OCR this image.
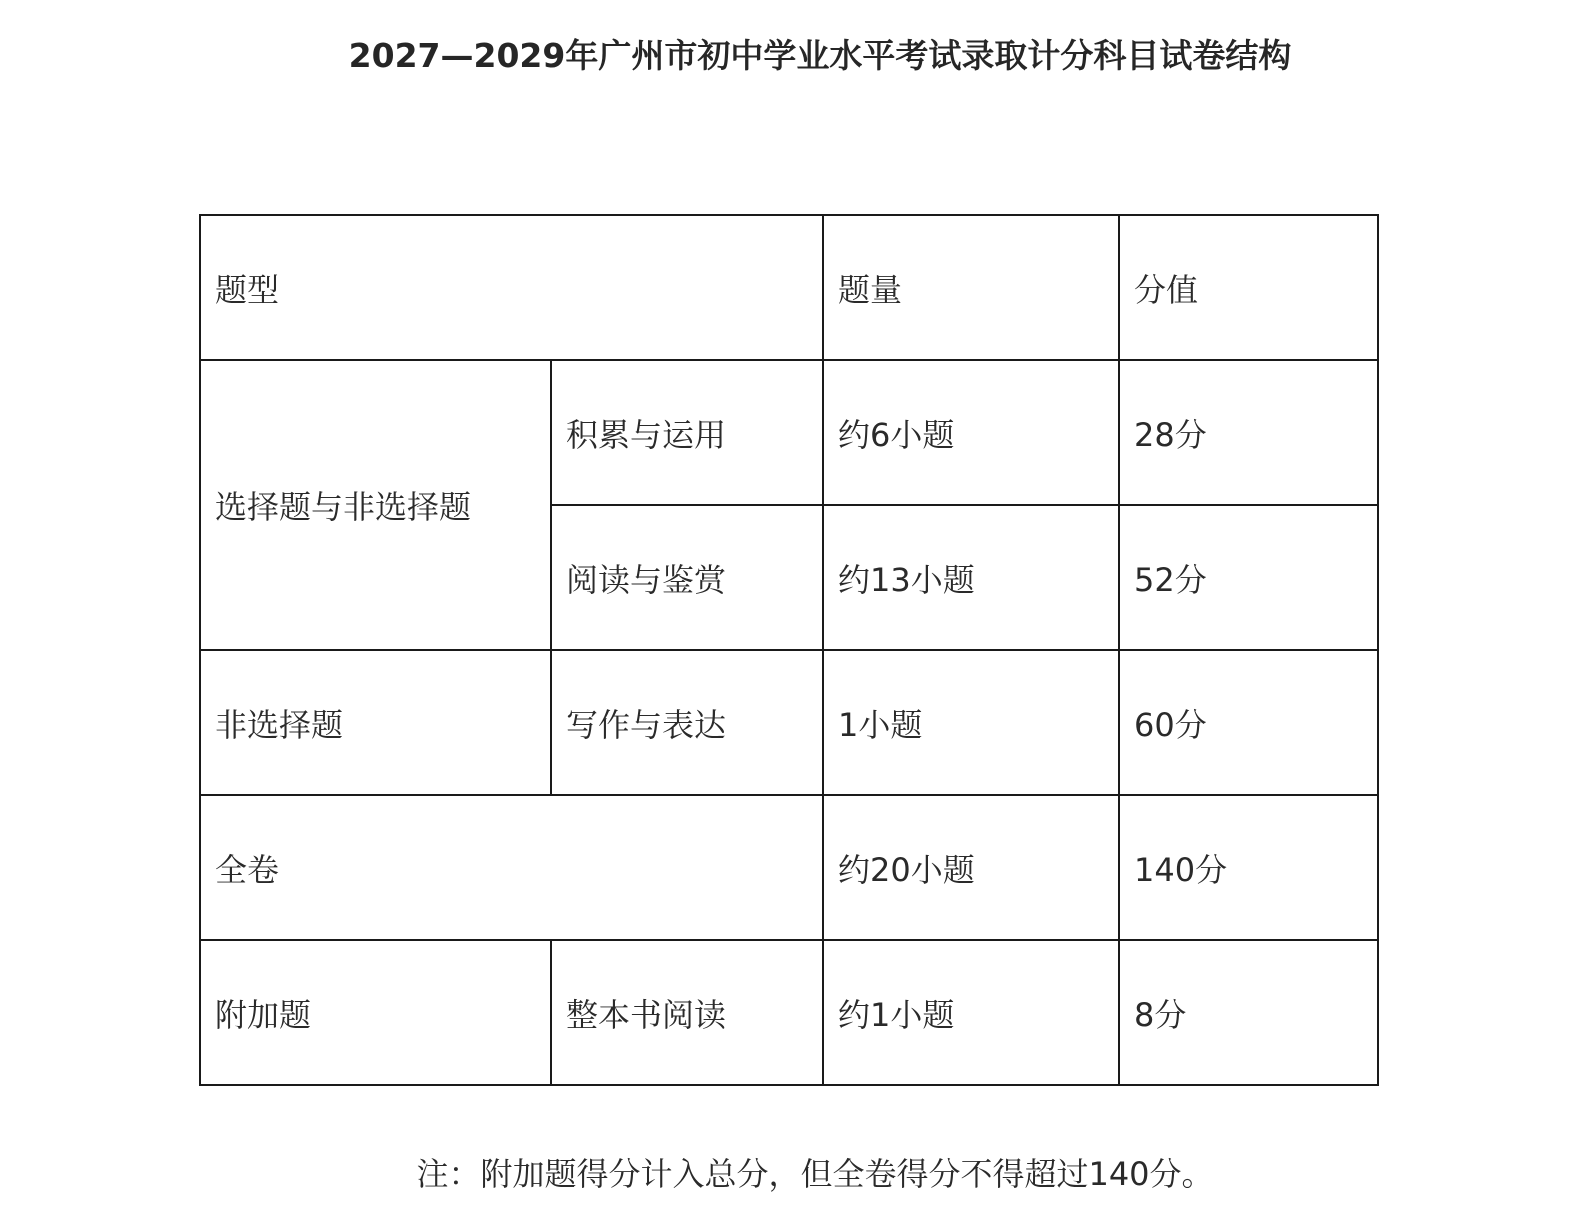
2027—2029年广州市初中学业水平考试录取计分科目试卷结构
题型		题量	分值
选择题与非选择题	积累与运用	约6小题	28分
	阅读与鉴赏	约13小题	52分
非选择题	写作与表达	1小题	60分
全卷		约20小题	140分
附加题	整本书阅读	约1小题	8分
注：附加题得分计入总分，但全卷得分不得超过140分。
